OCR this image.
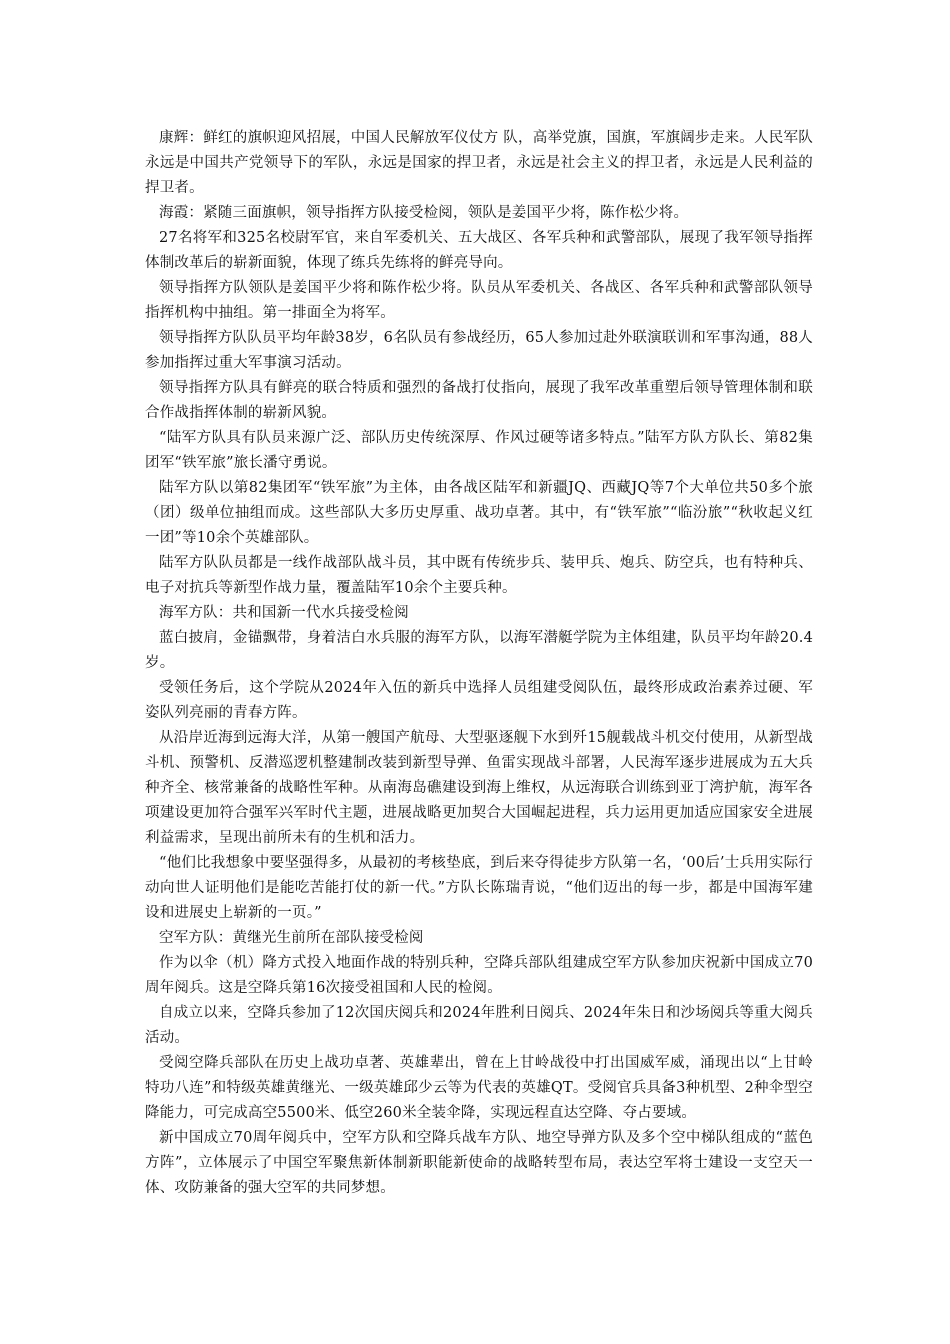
康辉：鲜红的旗帜迎风招展，中国人民解放军仪仗方 队，高举党旗，国旗，军旗阔步走来。人民军队永远是中国共产党领导下的军队，永远是国家的捍卫者，永远是社会主义的捍卫者，永远是人民利益的捍卫者。

海霞：紧随三面旗帜，领导指挥方队接受检阅，领队是姜国平少将，陈作松少将。

27名将军和325名校尉军官，来自军委机关、五大战区、各军兵种和武警部队，展现了我军领导指挥体制改革后的崭新面貌，体现了练兵先练将的鲜亮导向。

领导指挥方队领队是姜国平少将和陈作松少将。队员从军委机关、各战区、各军兵种和武警部队领导指挥机构中抽组。第一排面全为将军。

领导指挥方队队员平均年龄38岁，6名队员有参战经历，65人参加过赴外联演联训和军事沟通，88人参加指挥过重大军事演习活动。

领导指挥方队具有鲜亮的联合特质和强烈的备战打仗指向，展现了我军改革重塑后领导管理体制和联合作战指挥体制的崭新风貌。

“陆军方队具有队员来源广泛、部队历史传统深厚、作风过硬等诸多特点。”陆军方队方队长、第82集团军“铁军旅”旅长潘守勇说。

陆军方队以第82集团军“铁军旅”为主体，由各战区陆军和新疆JQ、西藏JQ等7个大单位共50多个旅（团）级单位抽组而成。这些部队大多历史厚重、战功卓著。其中，有“铁军旅”“临汾旅”“秋收起义红一团”等10余个英雄部队。

陆军方队队员都是一线作战部队战斗员，其中既有传统步兵、装甲兵、炮兵、防空兵，也有特种兵、电子对抗兵等新型作战力量，覆盖陆军10余个主要兵种。

海军方队：共和国新一代水兵接受检阅

蓝白披肩，金锚飘带，身着洁白水兵服的海军方队，以海军潜艇学院为主体组建，队员平均年龄20.4岁。

受领任务后，这个学院从2024年入伍的新兵中选择人员组建受阅队伍，最终形成政治素养过硬、军姿队列亮丽的青春方阵。

从沿岸近海到远海大洋，从第一艘国产航母、大型驱逐舰下水到歼15舰载战斗机交付使用，从新型战斗机、预警机、反潜巡逻机整建制改装到新型导弹、鱼雷实现战斗部署，人民海军逐步进展成为五大兵种齐全、核常兼备的战略性军种。从南海岛礁建设到海上维权，从远海联合训练到亚丁湾护航，海军各项建设更加符合强军兴军时代主题，进展战略更加契合大国崛起进程，兵力运用更加适应国家安全进展利益需求，呈现出前所未有的生机和活力。

“他们比我想象中要坚强得多，从最初的考核垫底，到后来夺得徒步方队第一名，‘00后’士兵用实际行动向世人证明他们是能吃苦能打仗的新一代。”方队长陈瑞青说，“他们迈出的每一步，都是中国海军建设和进展史上崭新的一页。”

空军方队：黄继光生前所在部队接受检阅

作为以伞（机）降方式投入地面作战的特别兵种，空降兵部队组建成空军方队参加庆祝新中国成立70周年阅兵。这是空降兵第16次接受祖国和人民的检阅。

自成立以来，空降兵参加了12次国庆阅兵和2024年胜利日阅兵、2024年朱日和沙场阅兵等重大阅兵活动。

受阅空降兵部队在历史上战功卓著、英雄辈出，曾在上甘岭战役中打出国威军威，涌现出以“上甘岭特功八连”和特级英雄黄继光、一级英雄邱少云等为代表的英雄QT。受阅官兵具备3种机型、2种伞型空降能力，可完成高空5500米、低空260米全装伞降，实现远程直达空降、夺占要域。

新中国成立70周年阅兵中，空军方队和空降兵战车方队、地空导弹方队及多个空中梯队组成的“蓝色方阵”，立体展示了中国空军聚焦新体制新职能新使命的战略转型布局，表达空军将士建设一支空天一体、攻防兼备的强大空军的共同梦想。
